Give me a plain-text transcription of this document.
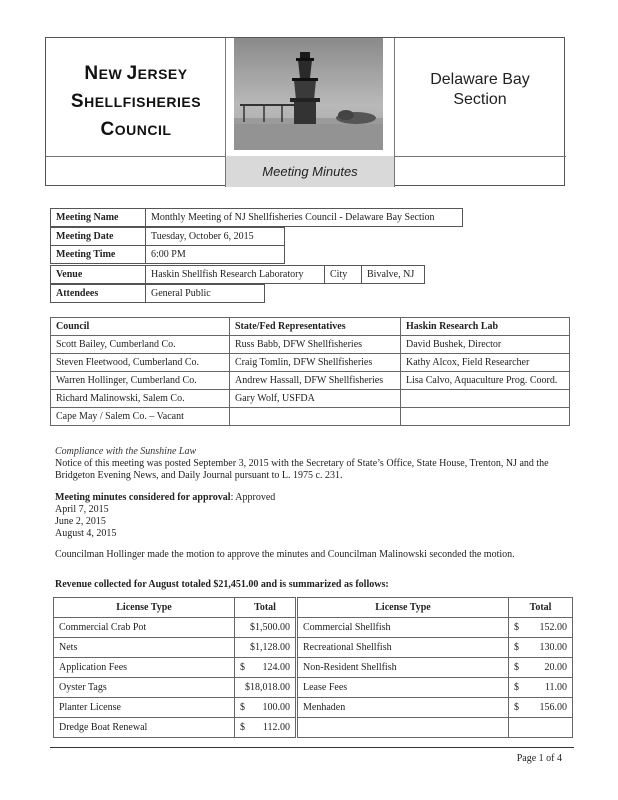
NEW JERSEY
SHELLFISHERIES
COUNCIL
Meeting Minutes
Delaware Bay
Section
Meeting Name	Monthly Meeting of NJ Shellfisheries Council - Delaware Bay Section
Meeting Date	Tuesday, October 6, 2015
Meeting Time	6:00 PM
Venue	Haskin Shellfish Research Laboratory	City	Bivalve, NJ
Attendees	General Public
Council	State/Fed Representatives	Haskin Research Lab
Scott Bailey, Cumberland Co.	Russ Babb, DFW Shellfisheries	David Bushek, Director
Steven Fleetwood, Cumberland Co.	Craig Tomlin, DFW Shellfisheries	Kathy Alcox, Field Researcher
Warren Hollinger, Cumberland Co.	Andrew Hassall, DFW Shellfisheries	Lisa Calvo, Aquaculture Prog. Coord.
Richard Malinowski, Salem Co.	Gary Wolf, USFDA	
Cape May / Salem Co. – Vacant		

Compliance with the Sunshine Law

Notice of this meeting was posted September 3, 2015 with the Secretary of State’s Office, State House, Trenton, NJ and the Bridgeton Evening News, and Daily Journal pursuant to L. 1975 c. 231.

Meeting minutes considered for approval: Approved

April 7, 2015

June 2, 2015

August 4, 2015

Councilman Hollinger made the motion to approve the minutes and Councilman Malinowski seconded the motion.
Revenue collected for August totaled $21,451.00 and is summarized as follows:
License Type	Total		License Type	Total
Commercial Crab Pot	$1,500.00		Commercial Shellfish	$ 152.00

Nets	$1,128.00		Recreational Shellfish	$ 130.00

Application Fees	$ 124.00		Non-Resident Shellfish	$ 20.00

Oyster Tags	$18,018.00		Lease Fees	$ 11.00

Planter License	$ 100.00		Menhaden	$ 156.00

Dredge Boat Renewal	$ 112.00			

Page 1 of 4
